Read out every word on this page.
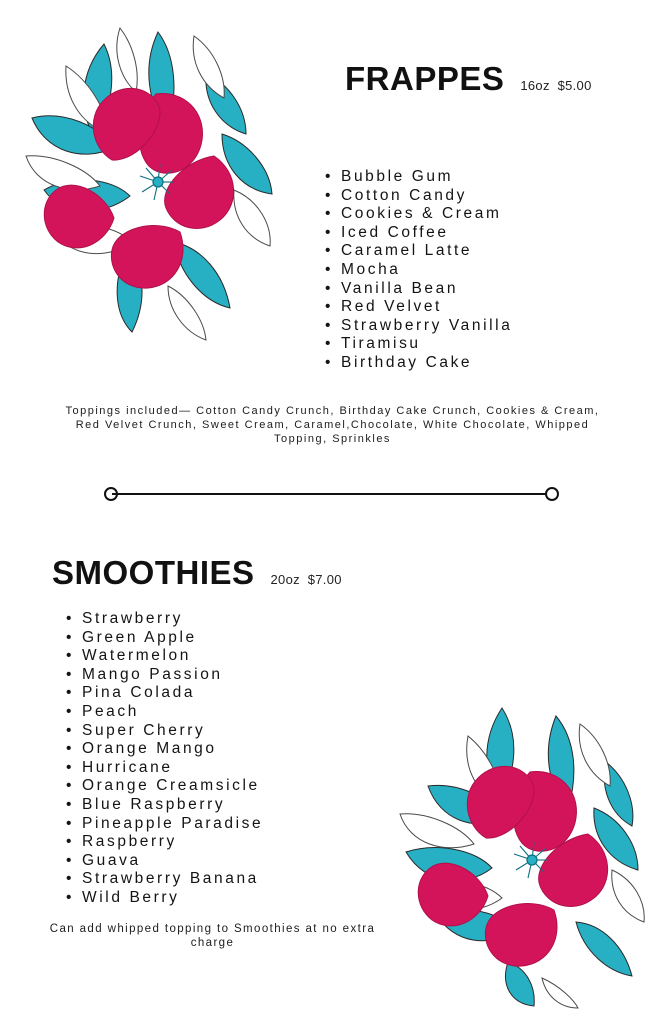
FRAPPES 16oz  $5.00
• Bubble Gum
• Cotton Candy
• Cookies & Cream
• Iced Coffee
• Caramel Latte
• Mocha
• Vanilla Bean
• Red Velvet
• Strawberry Vanilla
• Tiramisu
• Birthday Cake
Toppings included— Cotton Candy Crunch, Birthday Cake Crunch, Cookies & Cream, Red Velvet Crunch, Sweet Cream, Caramel,Chocolate, White Chocolate, Whipped Topping, Sprinkles
SMOOTHIES 20oz  $7.00
• Strawberry
• Green Apple
• Watermelon
• Mango Passion
• Pina Colada
• Peach
• Super Cherry
• Orange Mango
• Hurricane
• Orange Creamsicle
• Blue Raspberry
• Pineapple Paradise
• Raspberry
• Guava
• Strawberry Banana
• Wild Berry
Can add whipped topping to Smoothies at no extra charge
